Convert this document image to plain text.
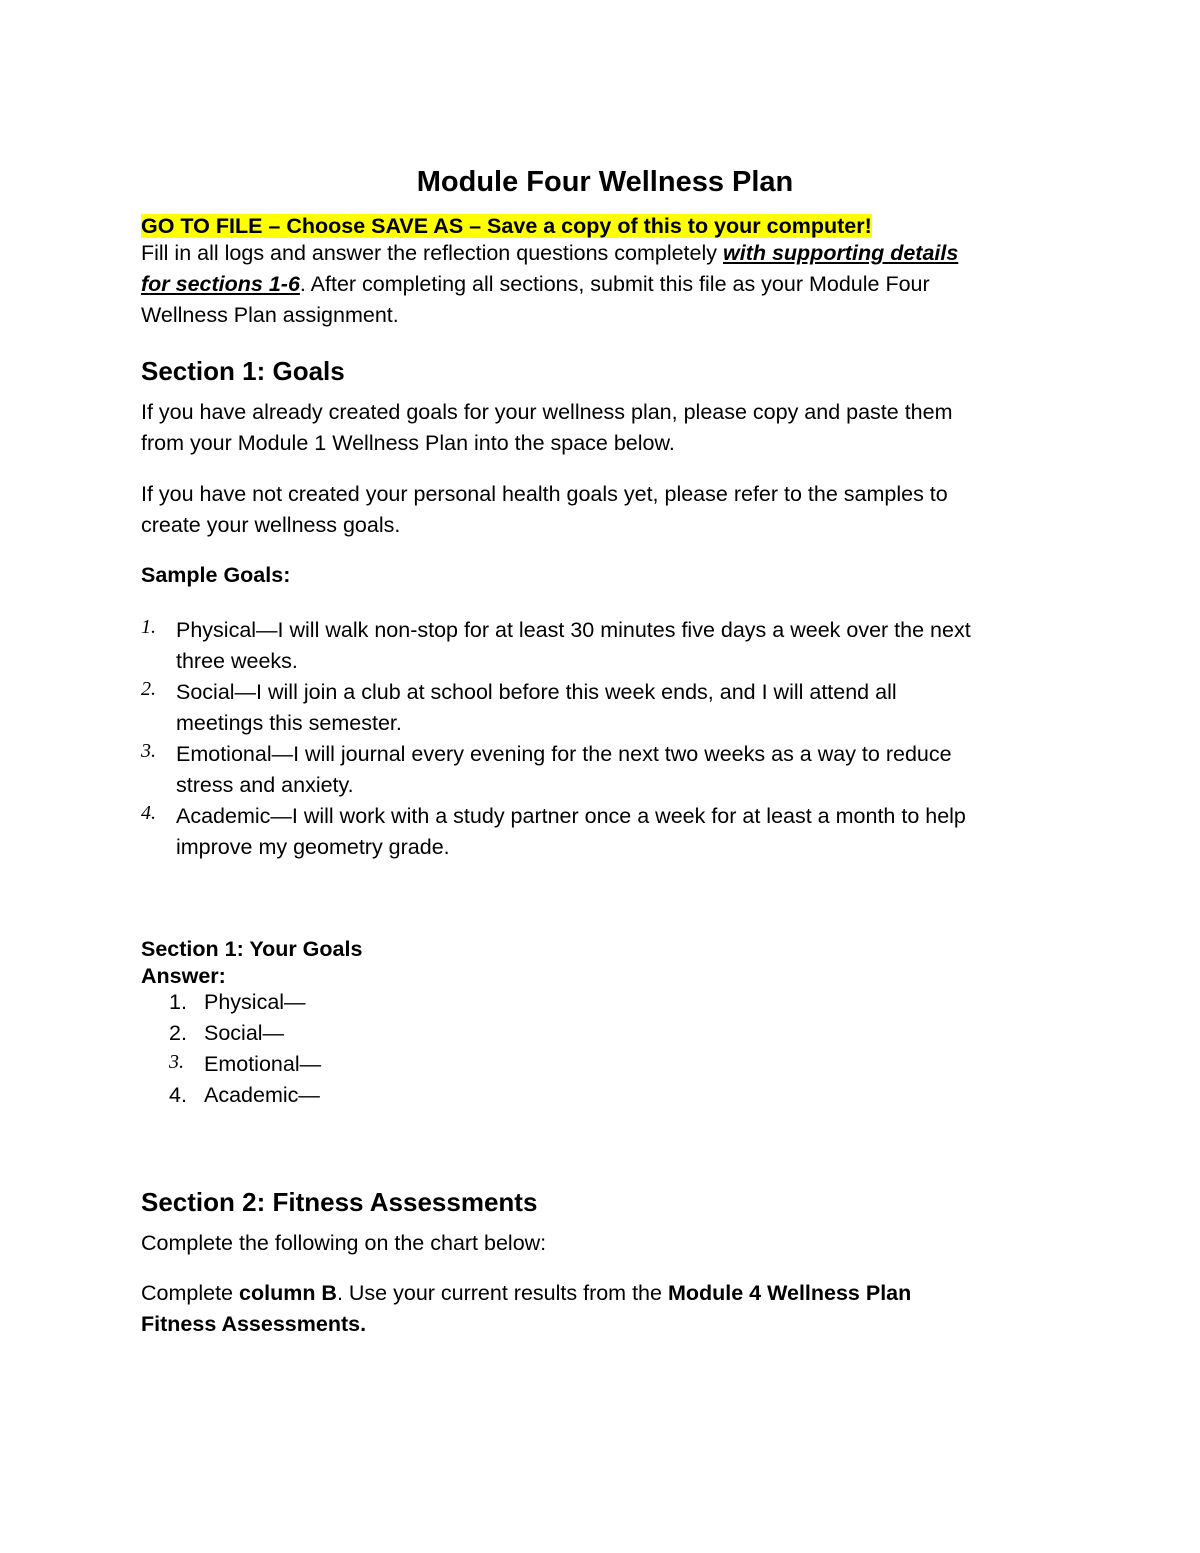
Module Four Wellness Plan
GO TO FILE – Choose SAVE AS – Save a copy of this to your computer!
Fill in all logs and answer the reflection questions completely with supporting details
for sections 1-6. After completing all sections, submit this file as your Module Four
Wellness Plan assignment.
Section 1: Goals
If you have already created goals for your wellness plan, please copy and paste them
from your Module 1 Wellness Plan into the space below.
If you have not created your personal health goals yet, please refer to the samples to
create your wellness goals.
Sample Goals:
1. Physical—I will walk non-stop for at least 30 minutes five days a week over the next
three weeks.
2. Social—I will join a club at school before this week ends, and I will attend all
meetings this semester.
3. Emotional—I will journal every evening for the next two weeks as a way to reduce
stress and anxiety.
4. Academic—I will work with a study partner once a week for at least a month to help
improve my geometry grade.
Section 1: Your Goals
Answer:
1. Physical—
2. Social—
3. Emotional—
4. Academic—
Section 2: Fitness Assessments
Complete the following on the chart below:
Complete column B. Use your current results from the Module 4 Wellness Plan
Fitness Assessments.
